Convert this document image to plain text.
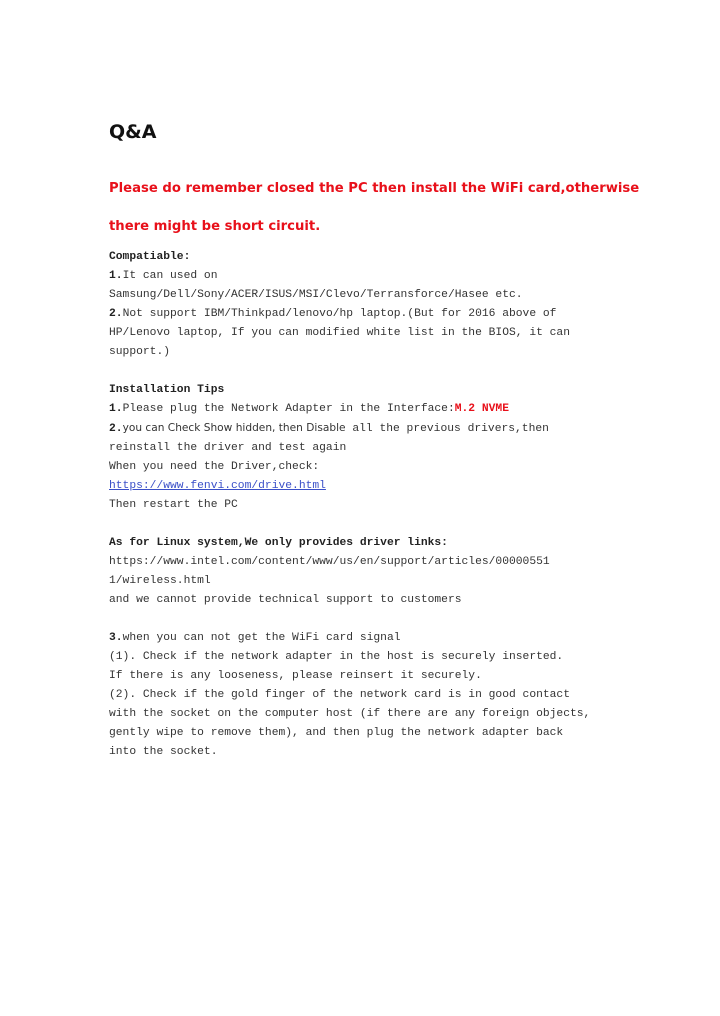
Q&A
Please do remember closed the PC then install the WiFi card,otherwise
there might be short circuit.
Compatiable:
1.It can used on
Samsung/Dell/Sony/ACER/ISUS/MSI/Clevo/Terransforce/Hasee etc.
2.Not support IBM/Thinkpad/lenovo/hp laptop.(But for 2016 above of
HP/Lenovo laptop, If you can modified white list in the BIOS, it can
support.)
Installation Tips
1.Please plug the Network Adapter in the Interface:M.2 NVME
2.you can Check Show hidden, then Disable all the previous drivers,then
reinstall the driver and test again
When you need the Driver,check:
https://www.fenvi.com/drive.html
Then restart the PC
As for Linux system,We only provides driver links:
https://www.intel.com/content/www/us/en/support/articles/00000551
1/wireless.html
and we cannot provide technical support to customers
3.when you can not get the WiFi card signal
(1). Check if the network adapter in the host is securely inserted.
If there is any looseness, please reinsert it securely.
(2). Check if the gold finger of the network card is in good contact
with the socket on the computer host (if there are any foreign objects,
gently wipe to remove them), and then plug the network adapter back
into the socket.
